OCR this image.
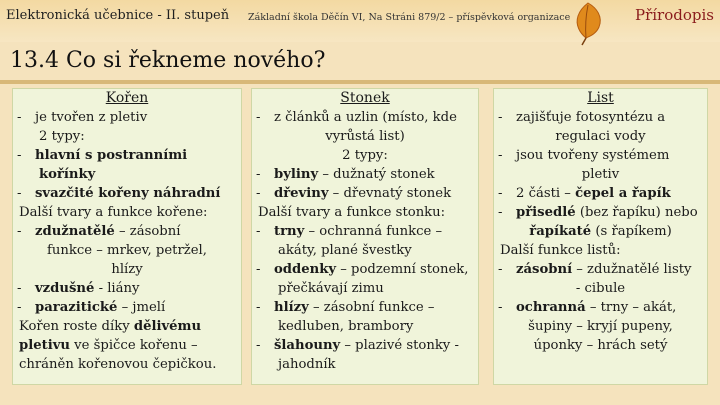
Elektronická učebnice - II. stupeň Základní škola Děčín VI, Na Stráni 879/2 – příspěvková organizace	Přírodopis
13.4 Co si řekneme nového?
Kořen
-	je tvořen z pletiv
2 typy:
-	hlavní s postranními
kořínky
-	svazčité kořeny náhradní
Další tvary a funkce kořene:
-	zdužnatělé – zásobní
funkce – mrkev, petržel,
hlízy
-	vzdušné - liány
-	parazitické – jmelí
Kořen roste díky dělivému
pletivu ve špičce kořenu –
chráněn kořenovou čepičkou.
Stonek
-	z článků a uzlin (místo, kde
vyrůstá list)
2 typy:
-	byliny – dužnatý stonek
-	dřeviny – dřevnatý stonek
Další tvary a funkce stonku:
-	trny – ochranná funkce –
akáty, plané švestky
-	oddenky – podzemní stonek,
přečkávají zimu
-	hlízy – zásobní funkce –
kedluben, brambory
-	šlahouny – plazivé stonky -
jahodník
List
-	zajišťuje fotosyntézu a
regulaci vody
-	jsou tvořeny systémem
pletiv
-	2 části – čepel a řapík
-	přisedlé (bez řapíku) nebo
řapíkaté (s řapíkem)
Další funkce listů:
-	zásobní – zdužnatělé listy
- cibule
-	ochranná – trny – akát,
šupiny – kryjí pupeny,
úponky – hrách setý
